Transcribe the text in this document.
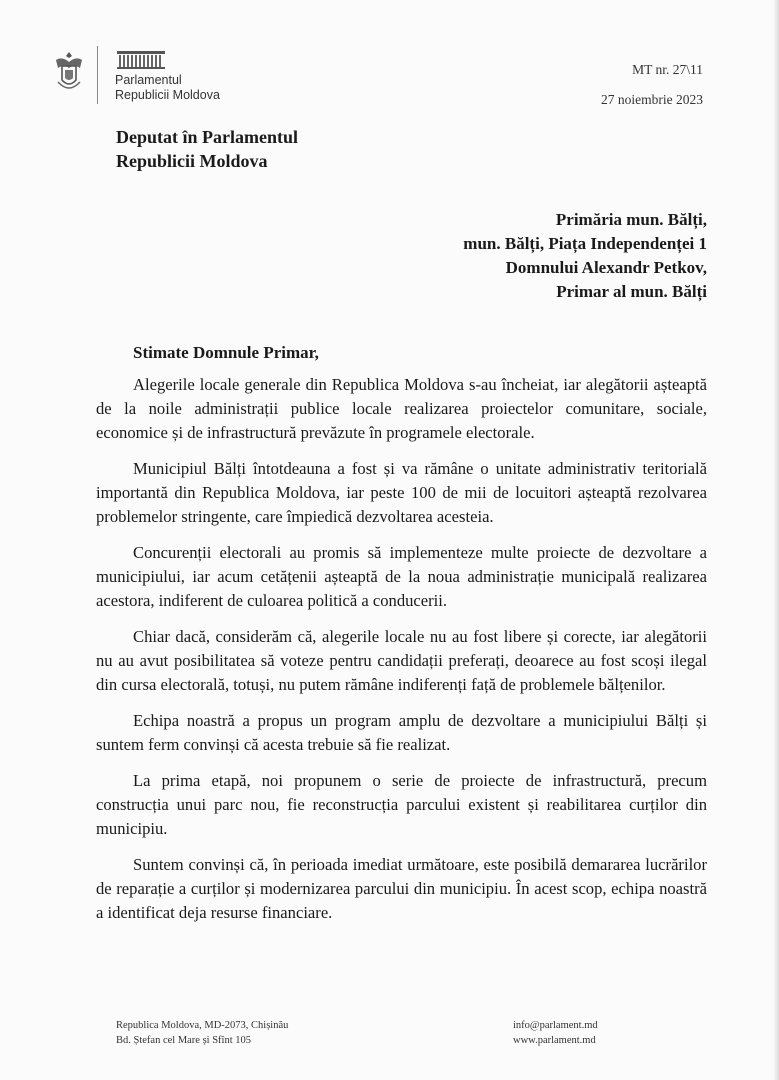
Parlamentul
Republicii Moldova
MT nr. 27\11
27 noiembrie 2023
Deputat în Parlamentul
Republicii Moldova
Primăria mun. Bălți,
mun. Bălți, Piața Independenței 1
Domnului Alexandr Petkov,
Primar al mun. Bălți
Stimate Domnule Primar,

Alegerile locale generale din Republica Moldova s-au încheiat, iar alegătorii așteaptă de la noile administrații publice locale realizarea proiectelor comunitare, sociale, economice și de infrastructură prevăzute în programele electorale.

Municipiul Bălți întotdeauna a fost și va rămâne o unitate administrativ teritorială importantă din Republica Moldova, iar peste 100 de mii de locuitori așteaptă rezolvarea problemelor stringente, care împiedică dezvoltarea acesteia.

Concurenții electorali au promis să implementeze multe proiecte de dezvoltare a municipiului, iar acum cetățenii așteaptă de la noua administrație municipală realizarea acestora, indiferent de culoarea politică a conducerii.

Chiar dacă, considerăm că, alegerile locale nu au fost libere și corecte, iar alegătorii nu au avut posibilitatea să voteze pentru candidații preferați, deoarece au fost scoși ilegal din cursa electorală, totuși, nu putem rămâne indiferenți față de problemele bălțenilor.

Echipa noastră a propus un program amplu de dezvoltare a municipiului Bălți și suntem ferm convinși că acesta trebuie să fie realizat.

La prima etapă, noi propunem o serie de proiecte de infrastructură, precum construcția unui parc nou, fie reconstrucția parcului existent și reabilitarea curților din municipiu.

Suntem convinși că, în perioada imediat următoare, este posibilă demararea lucrărilor de reparație a curților și modernizarea parcului din municipiu. În acest scop, echipa noastră a identificat deja resurse financiare.

Republica Moldova, MD-2073, Chișinău
Bd. Ștefan cel Mare și Sfînt 105
info@parlament.md
www.parlament.md
